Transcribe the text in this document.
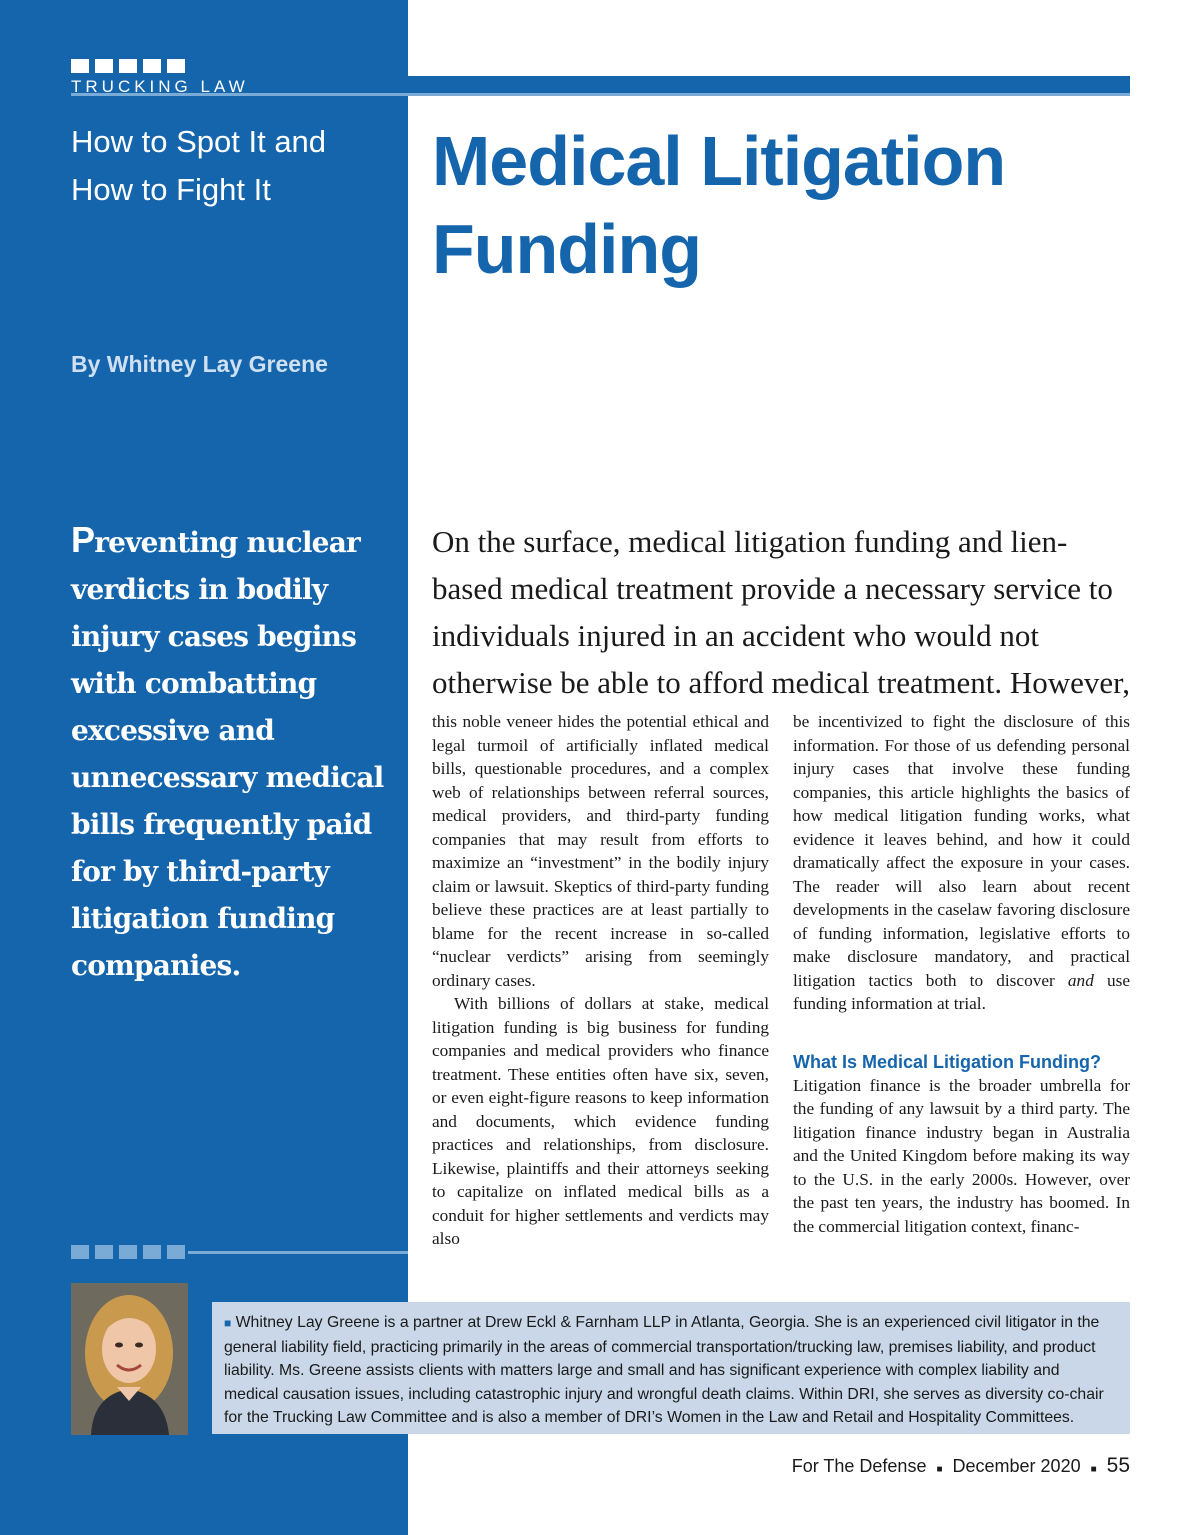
TRUCKING LAW
How to Spot It and
How to Fight It	Medical Litigation
Funding
By Whitney Lay Greene
Preventing nuclear verdicts in bodily injury cases begins with combatting excessive and unnecessary medical bills frequently paid for by third-party litigation funding companies.
On the surface, medical litigation funding and lien-based medical treatment provide a necessary service to individuals injured in an accident who would not otherwise be able to afford medical treatment. However,

this noble veneer hides the potential ethical and legal turmoil of artificially inflated medical bills, questionable procedures, and a complex web of relationships between referral sources, medical providers, and third-party funding companies that may result from efforts to maximize an “investment” in the bodily injury claim or lawsuit. Skeptics of third-party funding believe these practices are at least partially to blame for the recent increase in so-called “nuclear verdicts” arising from seemingly ordinary cases.

With billions of dollars at stake, medical litigation funding is big business for funding companies and medical providers who finance treatment. These entities often have six, seven, or even eight-figure reasons to keep information and documents, which evidence funding practices and relationships, from disclosure. Likewise, plaintiffs and their attorneys seeking to capitalize on inflated medical bills as a conduit for higher settlements and verdicts may also

be incentivized to fight the disclosure of this information. For those of us defending personal injury cases that involve these funding companies, this article highlights the basics of how medical litigation funding works, what evidence it leaves behind, and how it could dramatically affect the exposure in your cases. The reader will also learn about recent developments in the caselaw favoring disclosure of funding information, legislative efforts to make disclosure mandatory, and practical litigation tactics both to discover and use funding information at trial.

What Is Medical Litigation Funding?

Litigation finance is the broader umbrella for the funding of any lawsuit by a third party. The litigation finance industry began in Australia and the United Kingdom before making its way to the U.S. in the early 2000s. However, over the past ten years, the industry has boomed. In the commercial litigation context, financ-

■ Whitney Lay Greene is a partner at Drew Eckl & Farnham LLP in Atlanta, Georgia. She is an experienced civil litigator in the general liability field, practicing primarily in the areas of commercial transportation/trucking law, premises liability, and product liability. Ms. Greene assists clients with matters large and small and has significant experience with complex liability and medical causation issues, including catastrophic injury and wrongful death claims. Within DRI, she serves as diversity co-chair for the Trucking Law Committee and is also a member of DRI’s Women in the Law and Retail and Hospitality Committees.
For The Defense ■ December 2020 ■ 55
